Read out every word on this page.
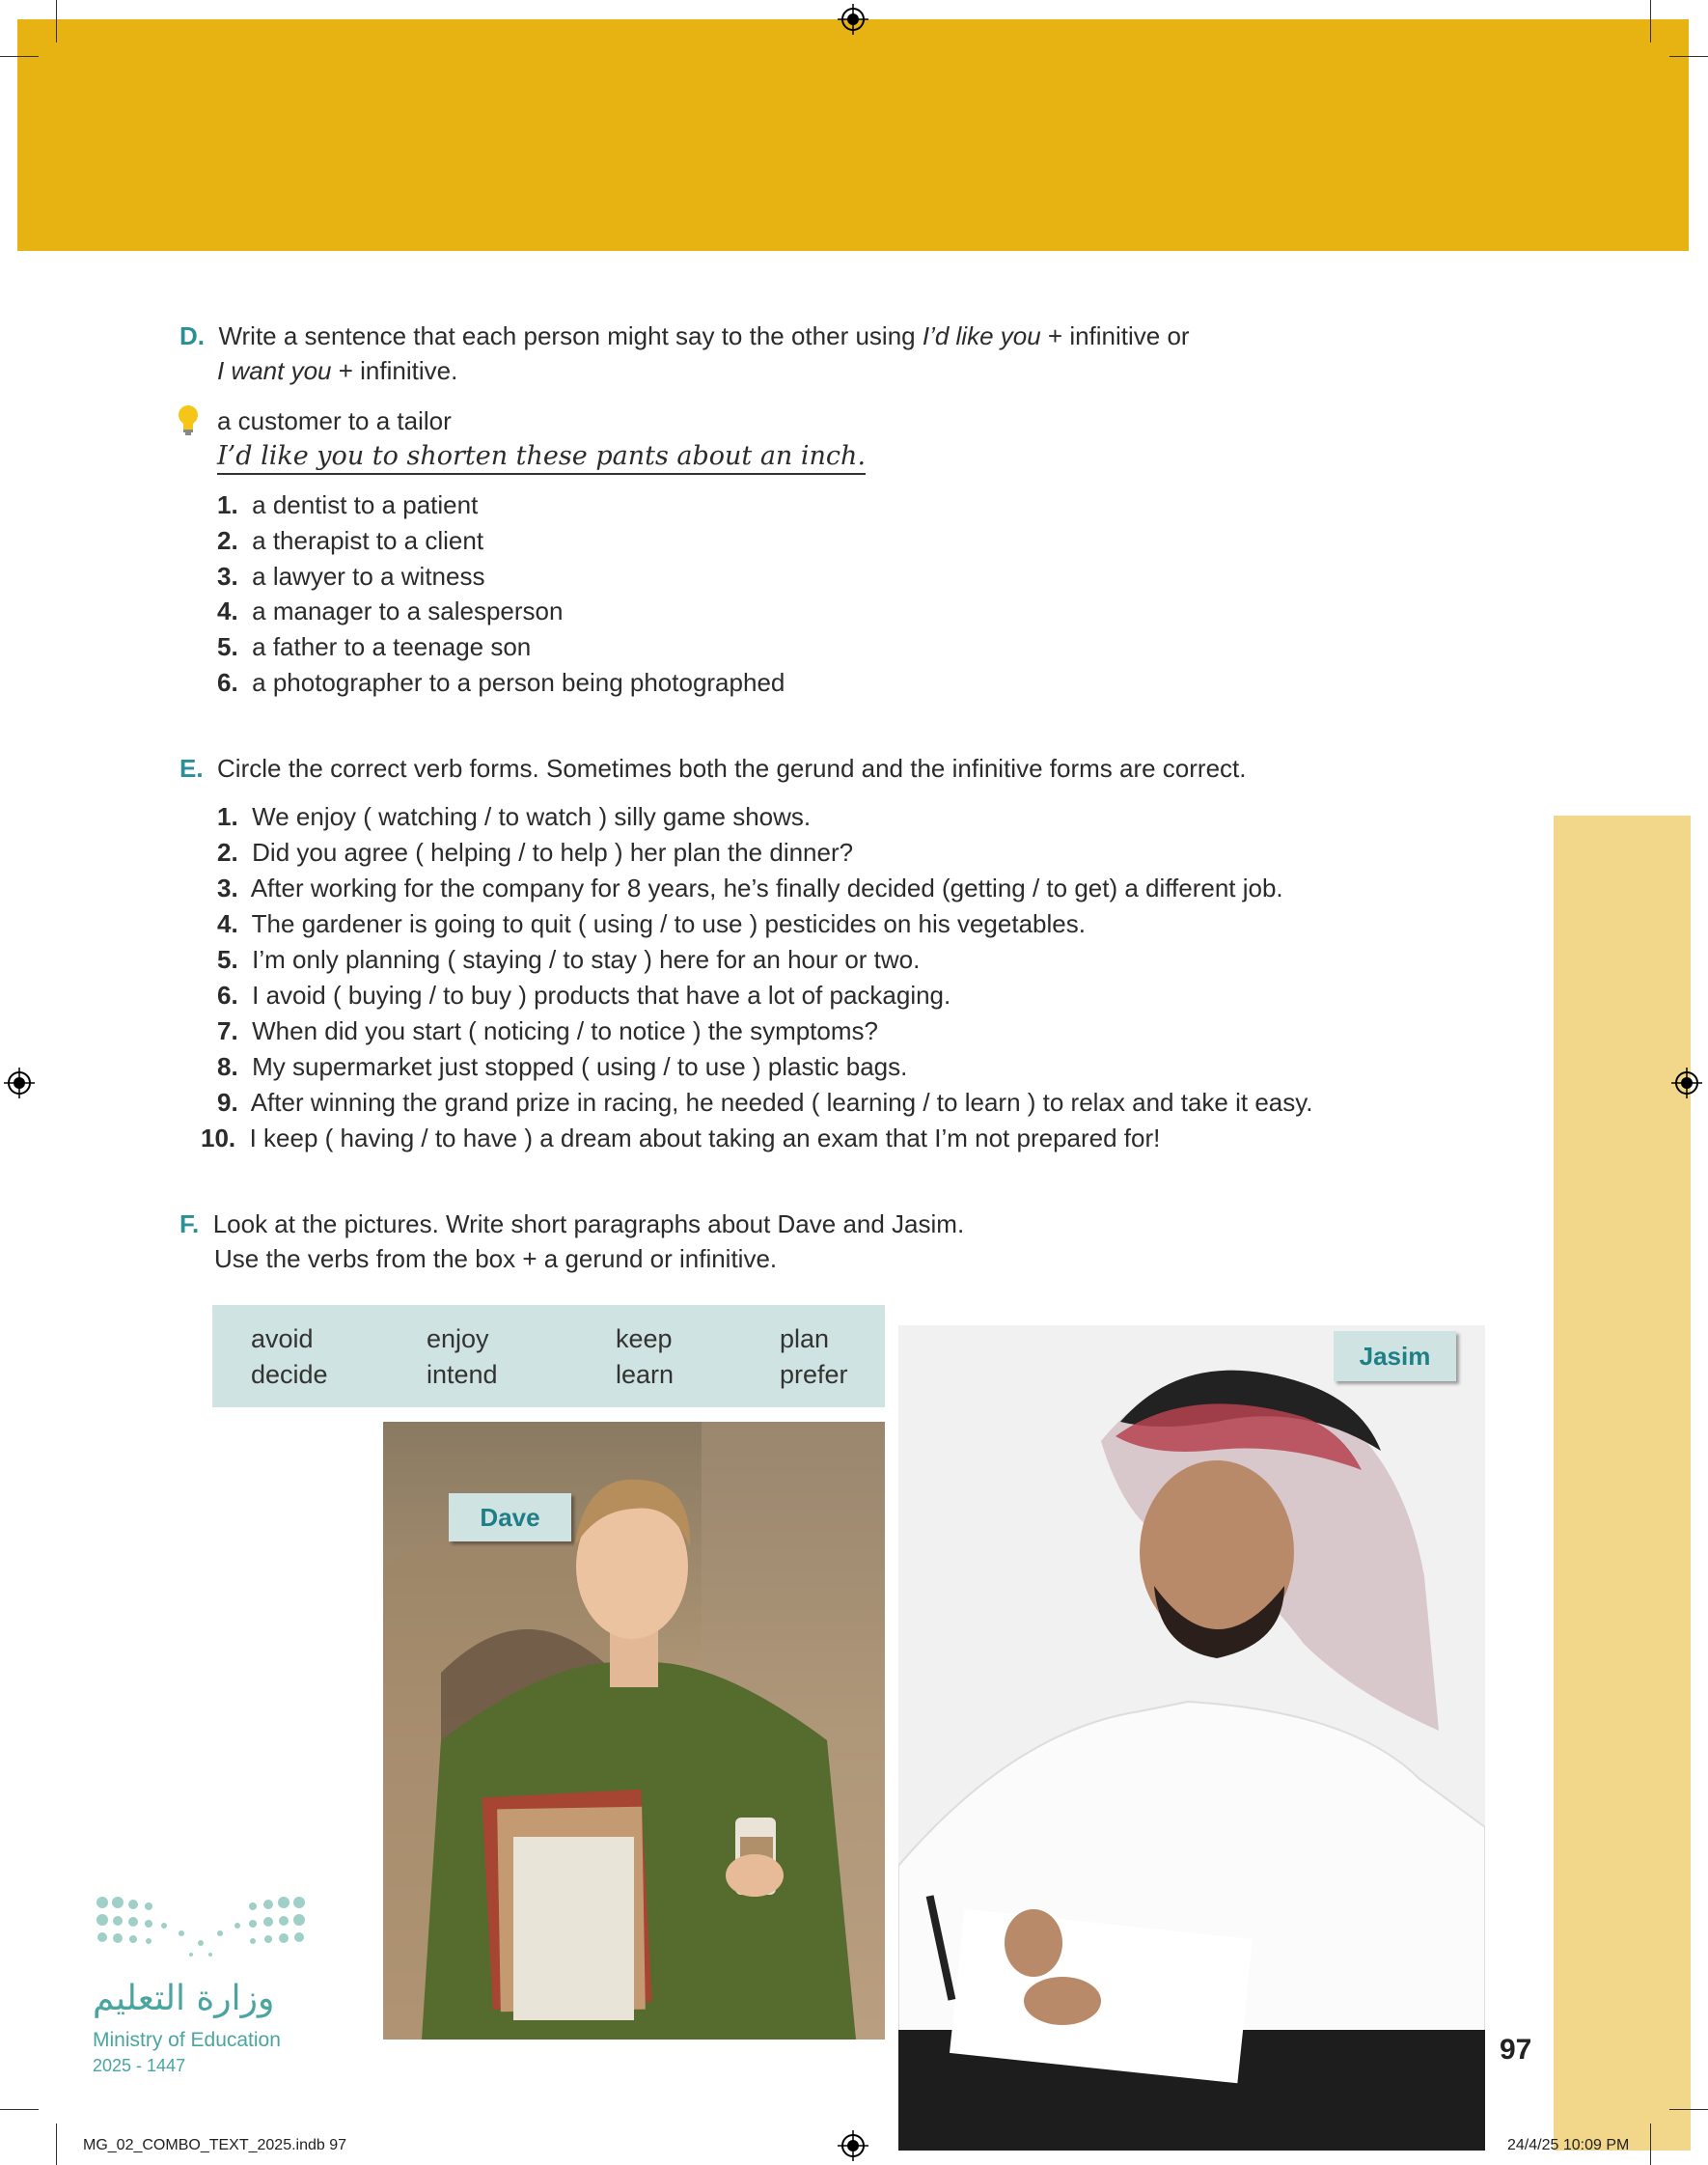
D. Write a sentence that each person might say to the other using I’d like you + infinitive or
I want you + infinitive.
a customer to a tailor
I’d like you to shorten these pants about an inch.
1. a dentist to a patient
2. a therapist to a client
3. a lawyer to a witness
4. a manager to a salesperson
5. a father to a teenage son
6. a photographer to a person being photographed
E. Circle the correct verb forms. Sometimes both the gerund and the infinitive forms are correct.
1. We enjoy ( watching / to watch ) silly game shows.
2. Did you agree ( helping / to help ) her plan the dinner?
3. After working for the company for 8 years, he’s finally decided (getting / to get) a different job.
4. The gardener is going to quit ( using / to use ) pesticides on his vegetables.
5. I’m only planning ( staying / to stay ) here for an hour or two.
6. I avoid ( buying / to buy ) products that have a lot of packaging.
7. When did you start ( noticing / to notice ) the symptoms?
8. My supermarket just stopped ( using / to use ) plastic bags.
9. After winning the grand prize in racing, he needed ( learning / to learn ) to relax and take it easy.
10. I keep ( having / to have ) a dream about taking an exam that I’m not prepared for!
F. Look at the pictures. Write short paragraphs about Dave and Jasim.
Use the verbs from the box + a gerund or infinitive.
avoid	enjoy	keep	plan
decide	intend	learn	prefer
Dave
Jasim
وزارة التعليم
Ministry of Education
2025 - 1447	97
MG_02_COMBO_TEXT_2025.indb 97	24/4/25 10:09 PM
